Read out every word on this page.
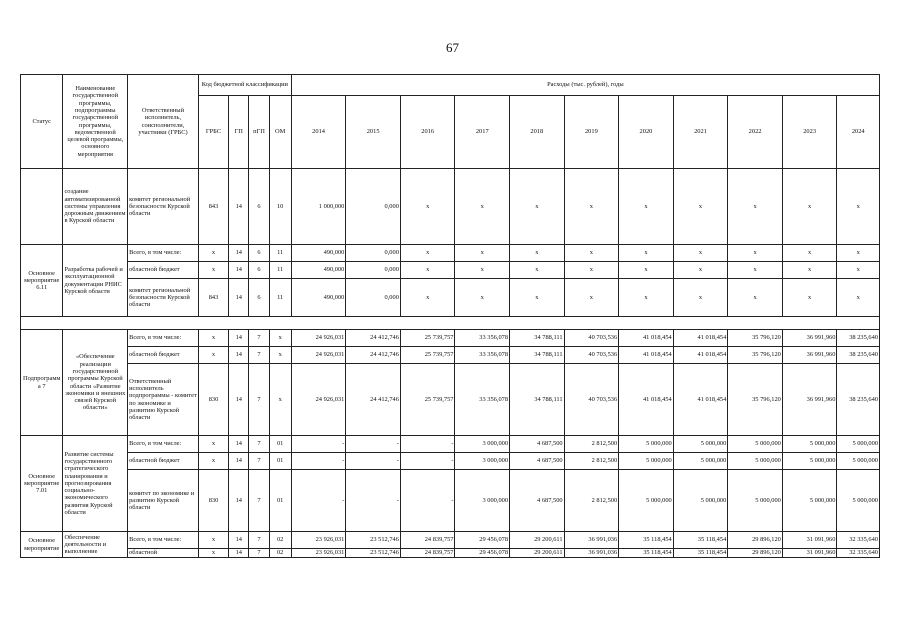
67
Статус	Наименование государственной программы, подпрограммы государственной программы, ведомственной целевой программы, основного мероприятия	Ответственный исполнитель, соисполнители, участники (ГРБС)	Код бюджетной классификации				Расходы (тыс. рублей), годы										
			ГРБС	ГП	пГП	ОМ	2014	2015	2016	2017	2018	2019	2020	2021	2022	2023	2024
	создание автоматизированной системы управления дорожным движением в Курской области	комитет региональной безопасности Курской области	843	14	6	10	1 000,000	0,000	x	x	x	x	x	x	x	x	x
Основное мероприятие 6.11	Разработка рабочей и эксплуатационной документации РНИС Курской области	Всего, в том числе:	x	14	6	11	490,000	0,000	x	x	x	x	x	x	x	x	x
		областной бюджет	x	14	6	11	490,000	0,000	x	x	x	x	x	x	x	x	x
		комитет региональной безопасности Курской области	843	14	6	11	490,000	0,000	x	x	x	x	x	x	x	x	x

Подпрограмма 7	«Обеспечение реализации государственной программы Курской области «Развитие экономики и внешних связей Курской области»	Всего, в том числе:	x	14	7	x	24 926,031	24 412,746	25 739,757	33 356,078	34 788,111	40 703,536	41 018,454	41 018,454	35 796,120	36 991,960	38 235,640
		областной бюджет	x	14	7	x	24 926,031	24 412,746	25 739,757	33 356,078	34 788,111	40 703,536	41 018,454	41 018,454	35 796,120	36 991,960	38 235,640
		Ответственный исполнитель подпрограммы - комитет по экономике и развитию Курской области	830	14	7	x	24 926,031	24 412,746	25 739,757	33 356,078	34 788,111	40 703,536	41 018,454	41 018,454	35 796,120	36 991,960	38 235,640
Основное мероприятие 7.01	Развитие системы государственного стратегического планирования и прогнозирования социально-экономического развития Курской области	Всего, в том числе:	x	14	7	01	-	-	-	3 000,000	4 687,500	2 812,500	5 000,000	5 000,000	5 000,000	5 000,000	5 000,000
		областной бюджет	x	14	7	01	-	-	-	3 000,000	4 687,500	2 812,500	5 000,000	5 000,000	5 000,000	5 000,000	5 000,000
		комитет по экономике и развитию Курской области	830	14	7	01	-	-	-	3 000,000	4 687,500	2 812,500	5 000,000	5 000,000	5 000,000	5 000,000	5 000,000
Основное мероприятие	Обеспечение деятельности и выполнение	Всего, в том числе:	x	14	7	02	23 926,031	23 512,746	24 839,757	29 456,078	29 200,611	36 991,036	35 118,454	35 118,454	29 896,120	31 091,960	32 335,640
		областной	x	14	7	02	23 926,031	23 512,746	24 839,757	29 456,078	29 200,611	36 991,036	35 118,454	35 118,454	29 896,120	31 091,960	32 335,640
